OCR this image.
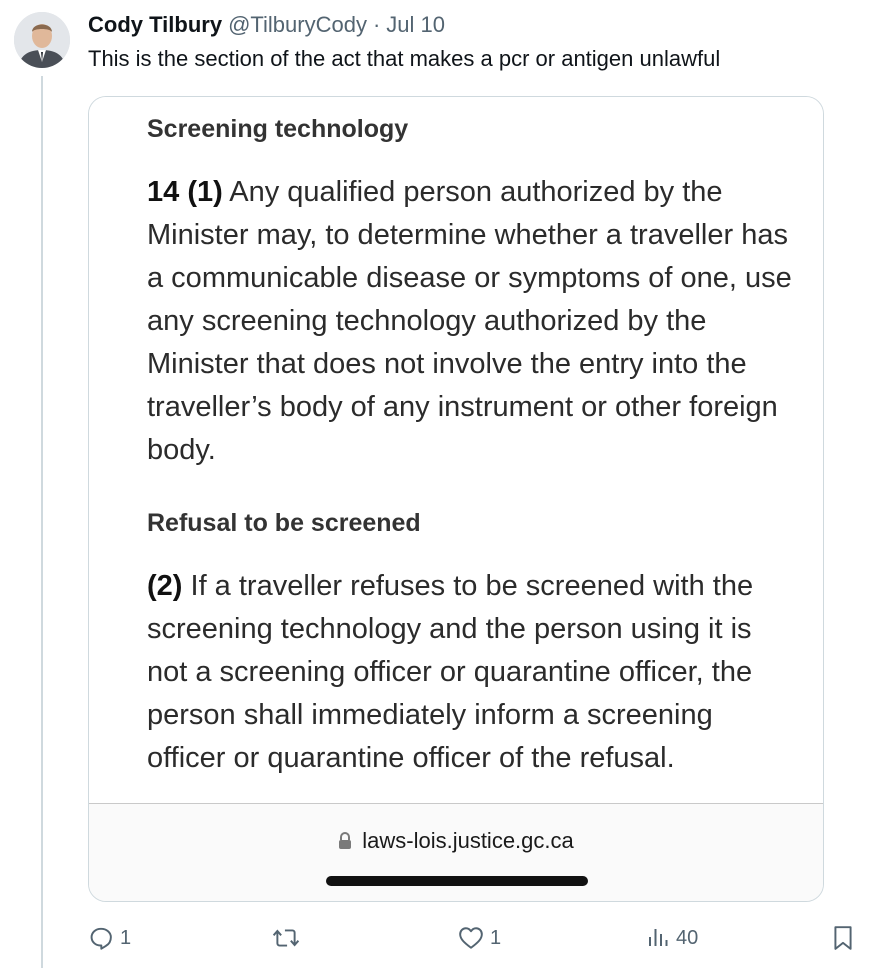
Cody Tilbury @TilburyCody · Jul 10
This is the section of the act that makes a pcr or antigen unlawful
Screening technology
14 (1) Any qualified person authorized by the Minister may, to determine whether a traveller has a communicable disease or symptoms of one, use any screening technology authorized by the Minister that does not involve the entry into the traveller’s body of any instrument or other foreign body.
Refusal to be screened
(2) If a traveller refuses to be screened with the screening technology and the person using it is not a screening officer or quarantine officer, the person shall immediately inform a screening officer or quarantine officer of the refusal.
laws-lois.justice.gc.ca
1	1	40
